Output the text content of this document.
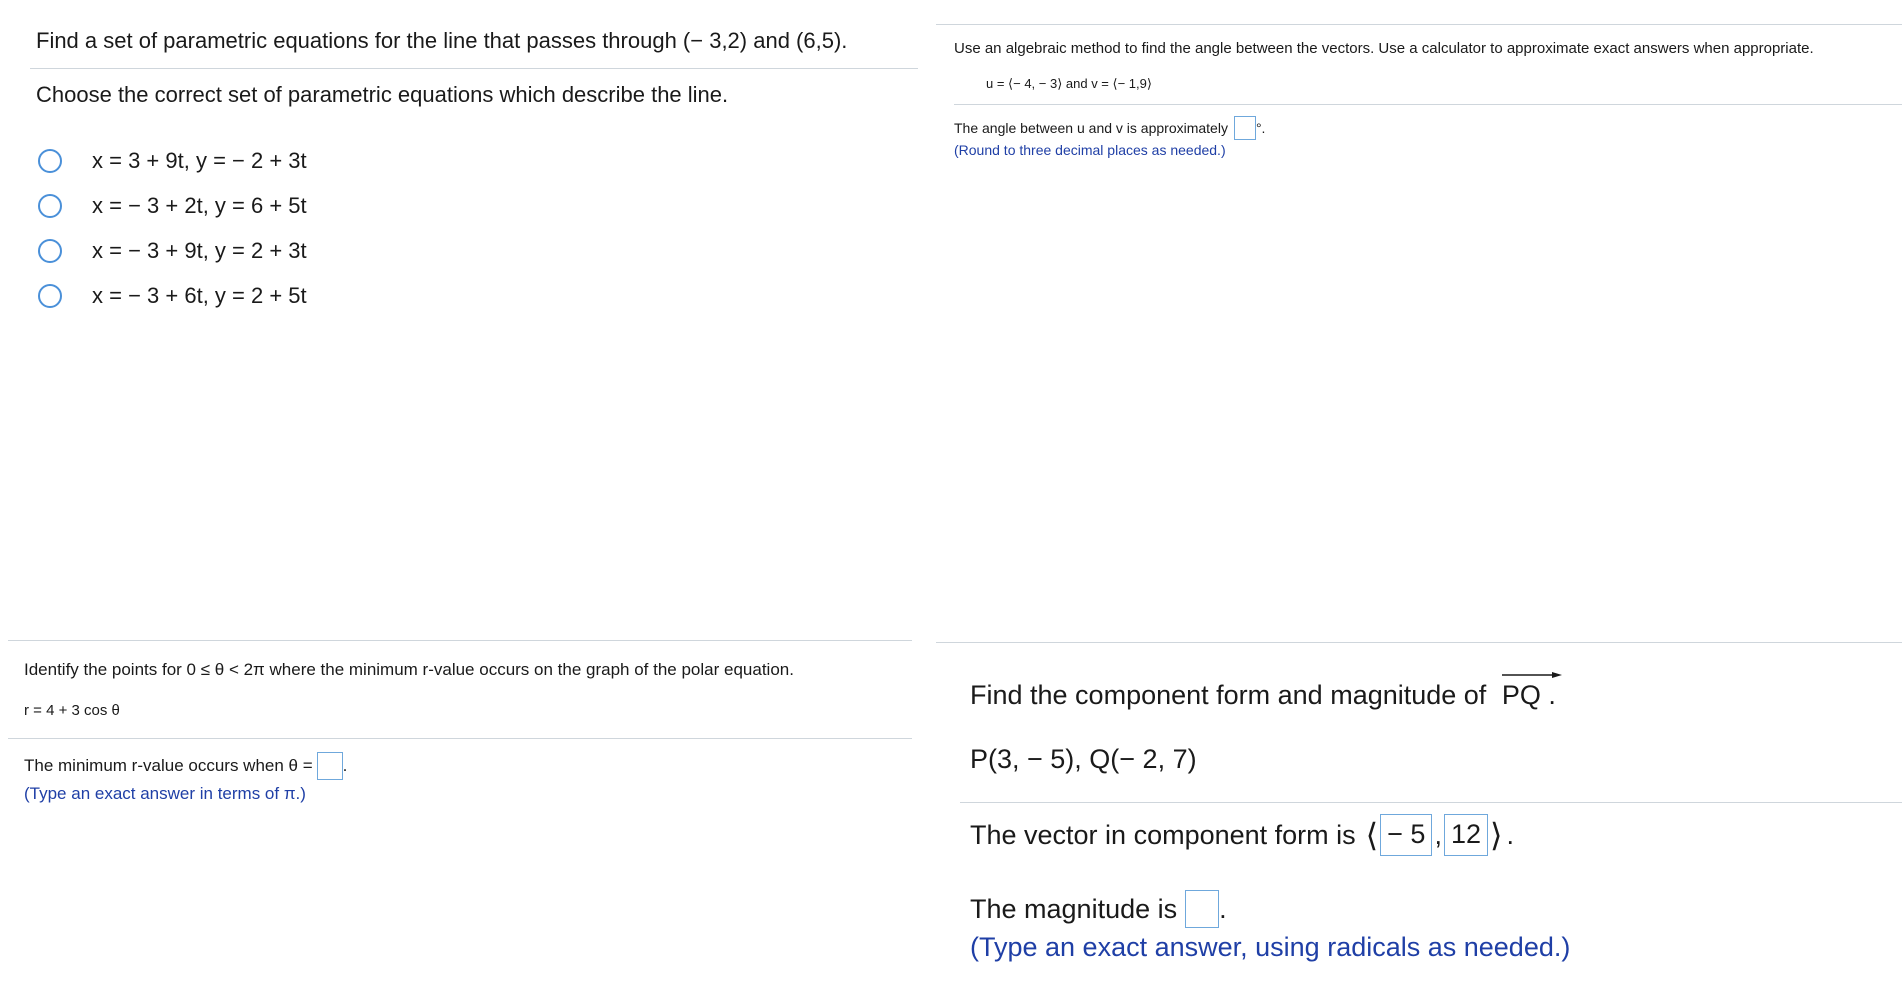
Find a set of parametric equations for the line that passes through (− 3,2) and (6,5).
Choose the correct set of parametric equations which describe the line.
x = 3 + 9t, y = − 2 + 3t
x = − 3 + 2t, y = 6 + 5t
x = − 3 + 9t, y = 2 + 3t
x = − 3 + 6t, y = 2 + 5t
Use an algebraic method to find the angle between the vectors. Use a calculator to approximate exact answers when appropriate.
u = ⟨− 4, − 3⟩ and v = ⟨− 1,9⟩
The angle between u and v is approximately °.
(Round to three decimal places as needed.)
Identify the points for 0 ≤ θ < 2π where the minimum r-value occurs on the graph of the polar equation.
r = 4 + 3 cos θ
The minimum r-value occurs when θ = .
(Type an exact answer in terms of π.)
Find the component form and magnitude of PQ .
P(3, − 5), Q(− 2, 7)
The vector in component form is ⟨ − 5 , 12 ⟩ .
The magnitude is .
(Type an exact answer, using radicals as needed.)
